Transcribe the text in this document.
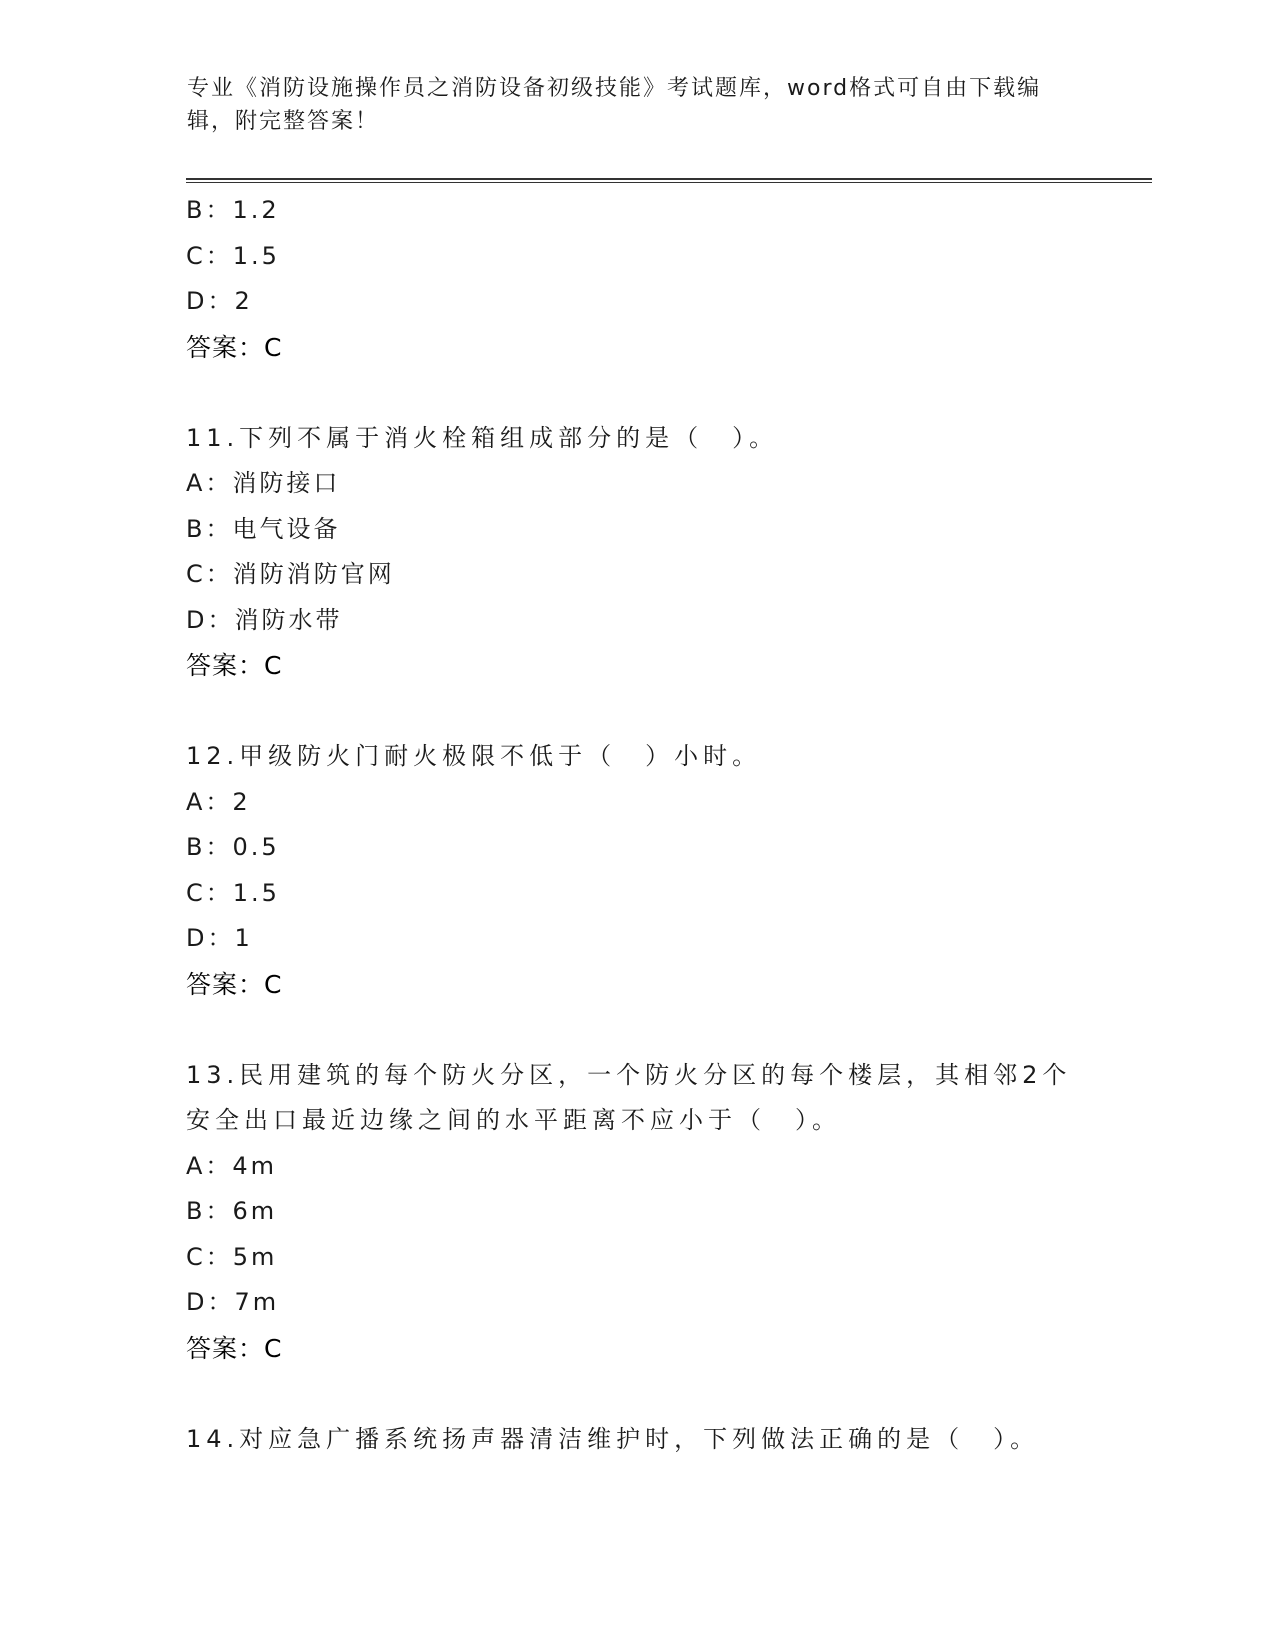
专业《消防设施操作员之消防设备初级技能》考试题库，word格式可自由下载编
辑，附完整答案！
B：1.2
C：1.5
D：2
答案：C
11.下列不属于消火栓箱组成部分的是（　）。
A：消防接口
B：电气设备
C：消防消防官网
D：消防水带
答案：C
12.甲级防火门耐火极限不低于（　）小时。
A：2
B：0.5
C：1.5
D：1
答案：C
13.民用建筑的每个防火分区，一个防火分区的每个楼层，其相邻2个
安全出口最近边缘之间的水平距离不应小于（　）。
A：4m
B：6m
C：5m
D：7m
答案：C
14.对应急广播系统扬声器清洁维护时，下列做法正确的是（　）。
